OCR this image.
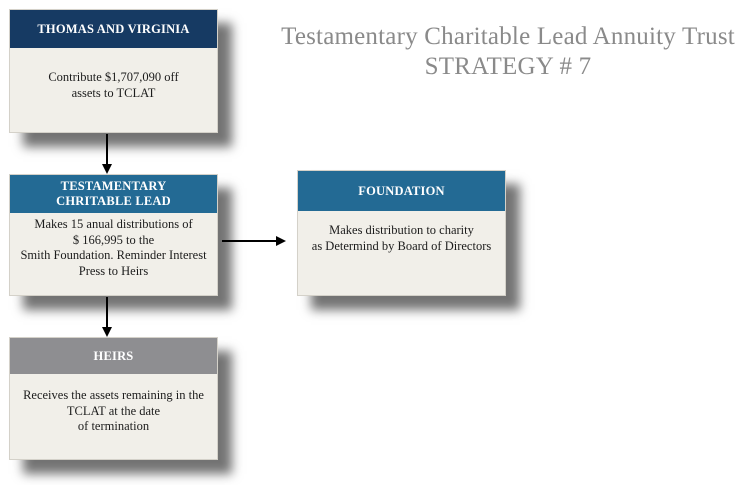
Testamentary Charitable Lead Annuity Trust
STRATEGY # 7
THOMAS AND VIRGINIA
Contribute $1,707,090 off
assets to TCLAT
TESTAMENTARY
CHRITABLE LEAD
Makes 15 anual distributions of
$ 166,995 to the
Smith Foundation. Reminder Interest
Press to Heirs
FOUNDATION
Makes distribution to charity
as Determind by Board of Directors
HEIRS
Receives the assets remaining in the
TCLAT at the date
of termination
